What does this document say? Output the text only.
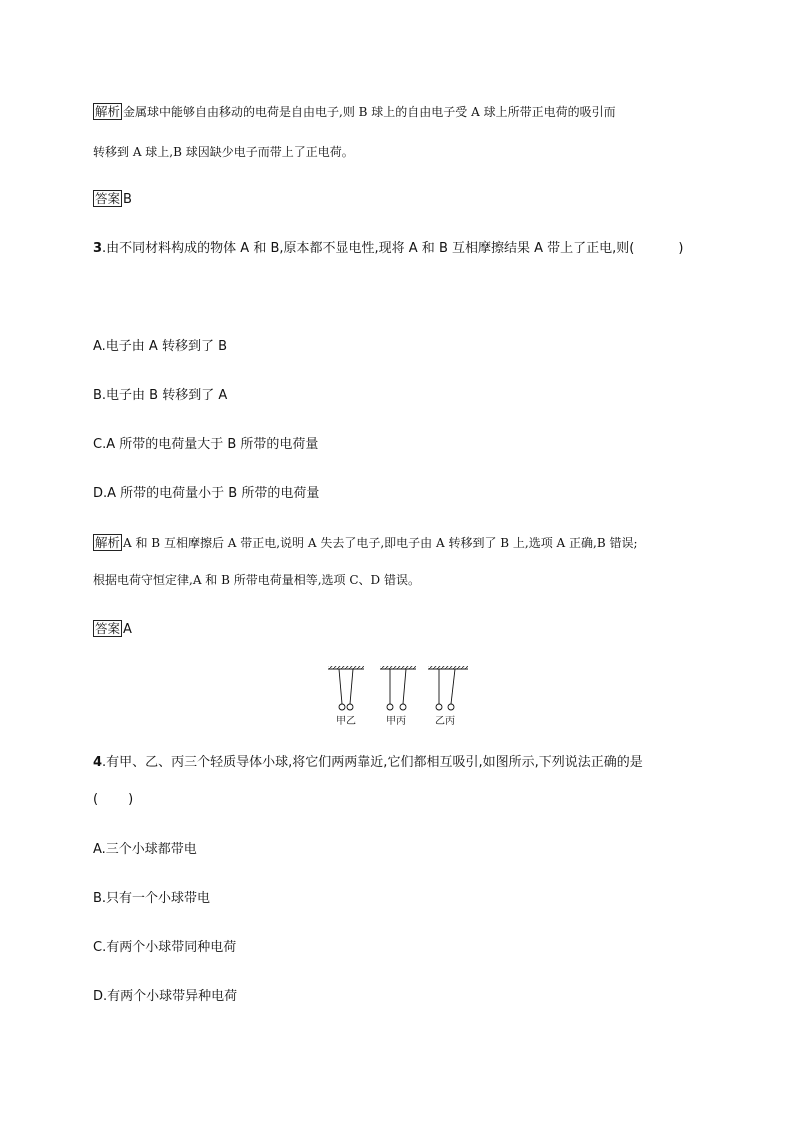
解析 金属球中能够自由移动的电荷是自由电子,则 B 球上的自由电子受 A 球上所带正电荷的吸引而
转移到 A 球上,B 球因缺少电子而带上了正电荷。
答案 B
3.由不同材料构成的物体 A 和 B,原本都不显电性,现将 A 和 B 互相摩擦结果 A 带上了正电,则(	)
A.电子由 A 转移到了 B
B.电子由 B 转移到了 A
C.A 所带的电荷量大于 B 所带的电荷量
D.A 所带的电荷量小于 B 所带的电荷量
解析 A 和 B 互相摩擦后 A 带正电,说明 A 失去了电子,即电子由 A 转移到了 B 上,选项 A 正确,B 错误;
根据电荷守恒定律,A 和 B 所带电荷量相等,选项 C、D 错误。
答案 A
甲乙	甲丙	乙丙
4.有甲、乙、丙三个轻质导体小球,将它们两两靠近,它们都相互吸引,如图所示,下列说法正确的是
( )
A.三个小球都带电
B.只有一个小球带电
C.有两个小球带同种电荷
D.有两个小球带异种电荷
